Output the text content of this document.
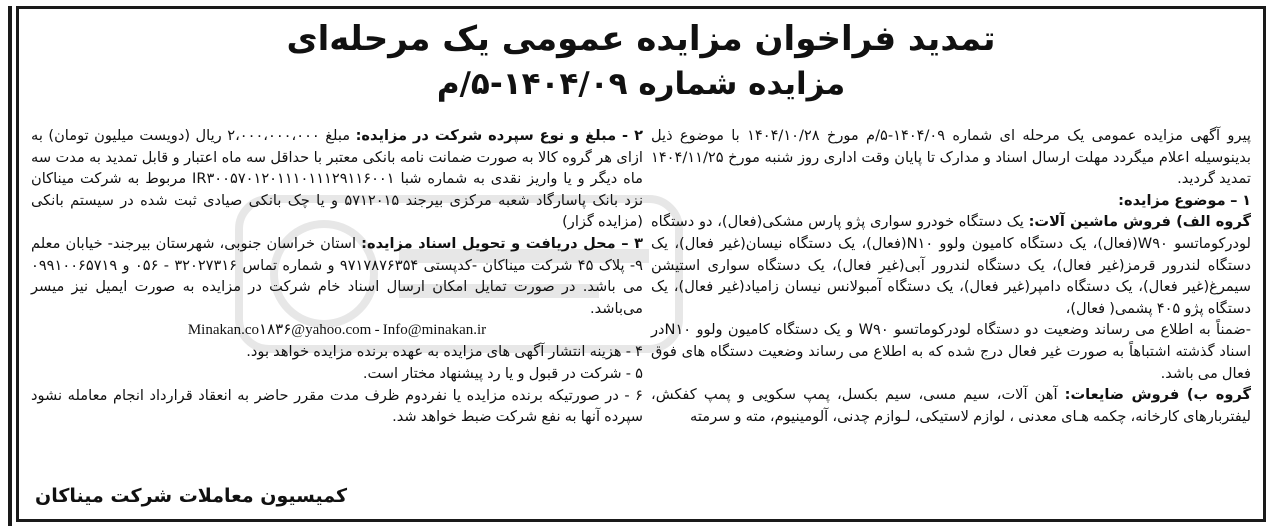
تمدید فراخوان مزایده عمومی یک مرحله‌ای
مزایده شماره ۱۴۰۴/۰۹-۵/م

پیرو آگهی مزایده عمومی یک مرحله ای شماره ۱۴۰۴/۰۹-۵/م مورخ ۱۴۰۴/۱۰/۲۸ با موضوع ذیل بدینوسیله اعلام میگردد مهلت ارسال اسناد و مدارک تا پایان وقت اداری روز شنبه مورخ ۱۴۰۴/۱۱/۲۵ تمدید گردید.

۱ – موضوع مزایده:

گروه الف) فروش ماشین آلات: یک دستگاه خودرو سواری پژو پارس مشکی(فعال)، دو دستگاه لودرکوماتسو W۹۰(فعال)، یک دستگاه کامیون ولوو N۱۰(فعال)، یک دستگاه نیسان(غیر فعال)، یک دستگاه لندرور قرمز(غیر فعال)، یک دستگاه لندرور آبی(غیر فعال)، یک دستگاه سواری استیشن سیمرغ(غیر فعال)، یک دستگاه دامپر(غیر فعال)، یک دستگاه آمبولانس نیسان زامیاد(غیر فعال)، یک دستگاه پژو ۴۰۵ پشمی( فعال)،

-ضمناً به اطلاع می رساند وضعیت دو دستگاه لودرکوماتسو W۹۰ و یک دستگاه کامیون ولوو N۱۰در اسناد گذشته اشتباهاً به صورت غیر فعال درج شده که به اطلاع می رساند وضعیت دستگاه های فوق فعال می باشد.

گروه ب) فروش ضایعات: آهن آلات، سیم مسی، سیم بکسل، پمپ سکویی و پمپ کفکش، لیفتربارهای کارخانه، چکمه هـای معدنی ، لوازم لاستیکی، لـوازم چدنی، آلومینیوم، مته و سرمته

۲ - مبلغ و نوع سپرده شرکت در مزایده: مبلغ ۲،۰۰۰،۰۰۰،۰۰۰ ریال (دویست میلیون تومان) به ازای هر گروه کالا به صورت ضمانت نامه بانکی معتبر با حداقل سه ماه اعتبار و قابل تمدید به مدت سه ماه دیگر و یا واریز نقدی به شماره شبا IR۳۰۰۵۷۰۱۲۰۱۱۱۰۱۱۱۲۹۱۱۶۰۰۱ مربوط به شرکت میناکان نزد بانک پاسارگاد شعبه مرکزی بیرجند ۵۷۱۲۰۱۵ و یا چک بانکی صیادی ثبت شده در سیستم بانکی (مزایده گزار)

۳ – محل دریافت و تحویل اسناد مزایده: استان خراسان جنوبی، شهرستان بیرجند- خیابان معلم ۹- پلاک ۴۵ شرکت میناکان -کدپستی ۹۷۱۷۸۷۶۳۵۴ و شماره تماس ۳۲۰۲۷۳۱۶ - ۰۵۶ و ۰۹۹۱۰۰۶۵۷۱۹ می باشد. در صورت تمایل امکان ارسال اسناد خام شرکت در مزایده به صورت ایمیل نیز میسر می‌باشد.

Minakan.co۱۸۳۶@yahoo.com - Info@minakan.ir

۴ - هزینه انتشار آگهی های مزایده به عهده برنده مزایده خواهد بود.

۵ - شرکت در قبول و یا رد پیشنهاد مختار است.

۶ - در صورتیکه برنده مزایده یا نفردوم ظرف مدت مقرر حاضر به انعقاد قرارداد انجام معامله نشود سپرده آنها به نفع شرکت ضبط خواهد شد.

کمیسیون معاملات شرکت میناکان
